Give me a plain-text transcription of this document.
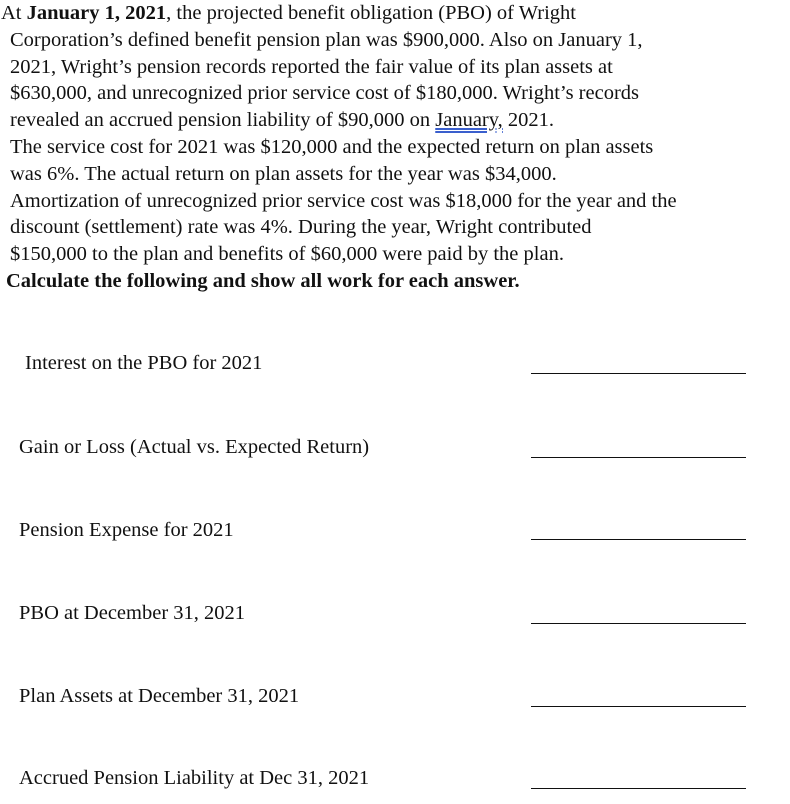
At January 1, 2021, the projected benefit obligation (PBO) of Wright
Corporation’s defined benefit pension plan was $900,000. Also on January 1,
2021, Wright’s pension records reported the fair value of its plan assets at
$630,000, and unrecognized prior service cost of $180,000. Wright’s records
revealed an accrued pension liability of $90,000 on January, 2021.
The service cost for 2021 was $120,000 and the expected return on plan assets
was 6%. The actual return on plan assets for the year was $34,000.
Amortization of unrecognized prior service cost was $18,000 for the year and the
discount (settlement) rate was 4%. During the year, Wright contributed
$150,000 to the plan and benefits of $60,000 were paid by the plan.
Calculate the following and show all work for each answer.
Interest on the PBO for 2021
Gain or Loss (Actual vs. Expected Return)
Pension Expense for 2021
PBO at December 31, 2021
Plan Assets at December 31, 2021
Accrued Pension Liability at Dec 31, 2021
